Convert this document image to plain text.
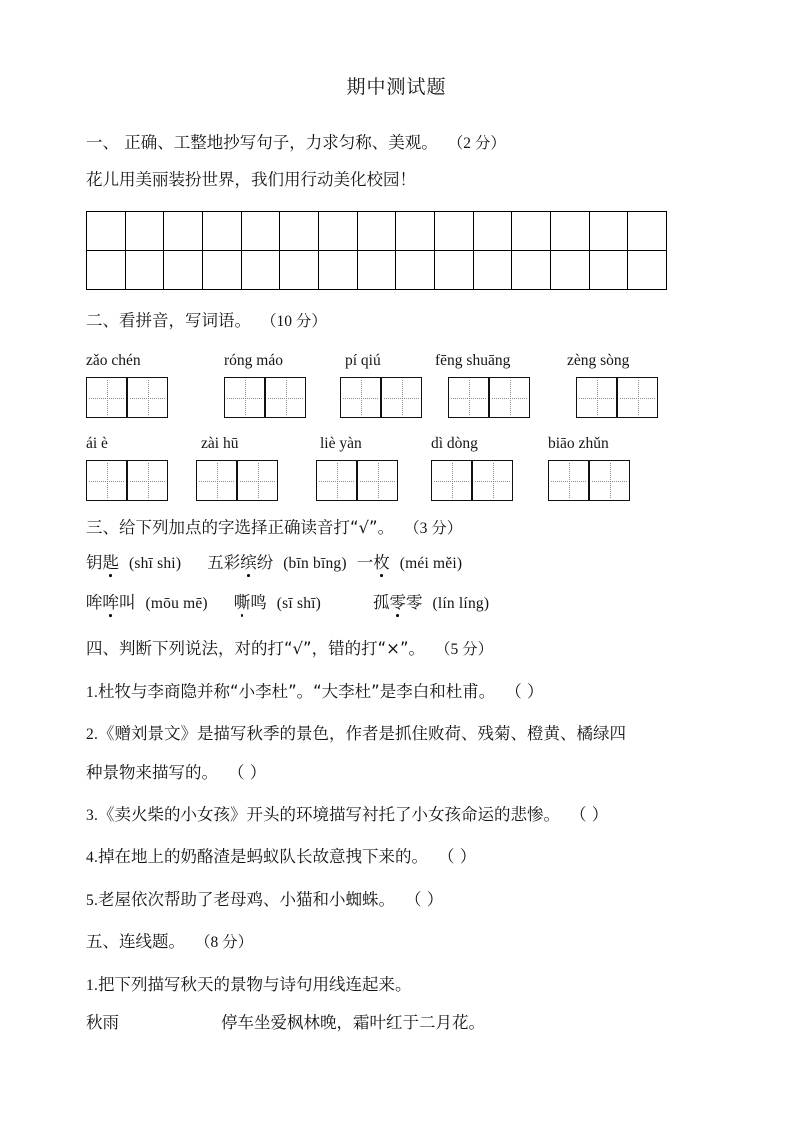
期中测试题
一、 正确、工整地抄写句子，力求匀称、美观。 （2 分）
花儿用美丽装扮世界，我们用行动美化校园！
二、看拼音，写词语。 （10 分）
zǎo chén	róng máo	pí qiú	fēng shuāng	zèng sòng
ái è	zài hū	liè yàn	dì dòng	biāo zhǔn
三、给下列加点的字选择正确读音打“√”。 （3 分）
钥匙 (shī shi) 五彩缤纷 (bīn bīng) 一枚 (méi měi)
哞哞叫 (mōu mē) 嘶鸣 (sī shī)	孤零零 (lín líng)
四、判断下列说法，对的打“√”，错的打“×”。 （5 分）
1.杜牧与李商隐并称“小李杜”。“大李杜”是李白和杜甫。 （ ）
2.《赠刘景文》是描写秋季的景色，作者是抓住败荷、残菊、橙黄、橘绿四
种景物来描写的。 （ ）
3.《卖火柴的小女孩》开头的环境描写衬托了小女孩命运的悲惨。 （ ）
4.掉在地上的奶酪渣是蚂蚁队长故意拽下来的。 （ ）
5.老屋依次帮助了老母鸡、小猫和小蜘蛛。 （ ）
五、连线题。 （8 分）
1.把下列描写秋天的景物与诗句用线连起来。
秋雨	停车坐爱枫林晚，霜叶红于二月花。
